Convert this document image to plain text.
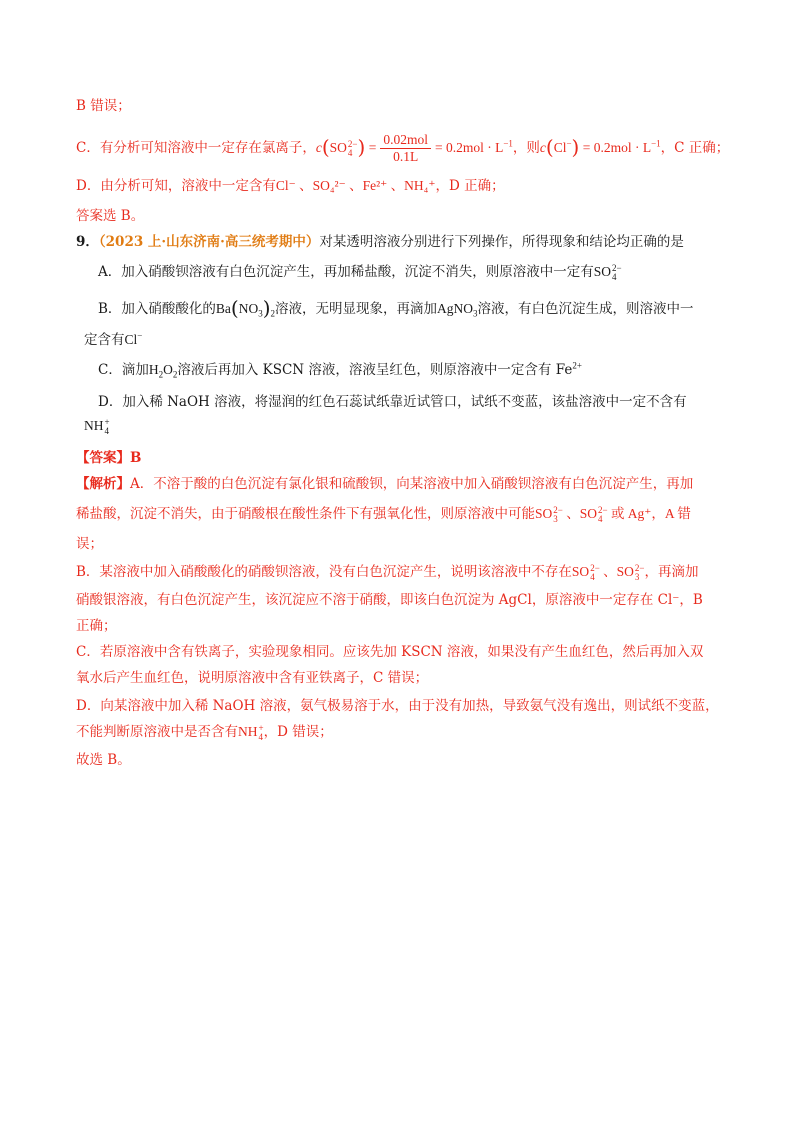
B 错误；
C．有分析可知溶液中一定存在氯离子，c(SO 2−
4 ) = $\frac{\text{0.02mol}}{0.1L} = 0.2mol \cdot L^{-1}$，则$c(Cl^-) = 0.2mol \cdot L^{-1}$，C 正确；
D．由分析可知，溶液中一定含有Cl⁻ 、SO₄²⁻ 、Fe²⁺ 、NH₄⁺，D 正确；
答案选 B。
9．（2023 上·山东济南·高三统考期中）对某透明溶液分别进行下列操作，所得现象和结论均正确的是
A．加入硝酸钡溶液有白色沉淀产生，再加稀盐酸，沉淀不消失，则原溶液中一定有SO 2−
4
B．加入硝酸酸化的$Ba(NO_3)_2$溶液，无明显现象，再滴加AgNO$_3$溶液，有白色沉淀生成，则溶液中一
定含有Cl−
C．滴加$H_2O_2$溶液后再加入 KSCN 溶液，溶液呈红色，则原溶液中一定含有 $Fe^{2+}$
D．加入稀 NaOH 溶液，将湿润的红色石蕊试纸靠近试管口，试纸不变蓝，该盐溶液中一定不含有
NH +
4
【答案】B
【解析】A．不溶于酸的白色沉淀有氯化银和硫酸钡，向某溶液中加入硝酸钡溶液有白色沉淀产生，再加
稀盐酸，沉淀不消失，由于硝酸根在酸性条件下有强氧化性，则原溶液中可能SO 2−
3 、SO 2−
4 或 Ag⁺，A 错
误；
B．某溶液中加入硝酸酸化的硝酸钡溶液，没有白色沉淀产生，说明该溶液中不存在SO 2−
4 、SO 2−
3 ，再滴加
硝酸银溶液，有白色沉淀产生，该沉淀应不溶于硝酸，即该白色沉淀为 AgCl，原溶液中一定存在 Cl⁻，B
正确；
C．若原溶液中含有铁离子，实验现象相同。应该先加 KSCN 溶液，如果没有产生血红色，然后再加入双
氧水后产生血红色，说明原溶液中含有亚铁离子，C 错误；
D．向某溶液中加入稀 NaOH 溶液，氨气极易溶于水，由于没有加热，导致氨气没有逸出，则试纸不变蓝，
不能判断原溶液中是否含有NH +
4 ，D 错误；
故选 B。
